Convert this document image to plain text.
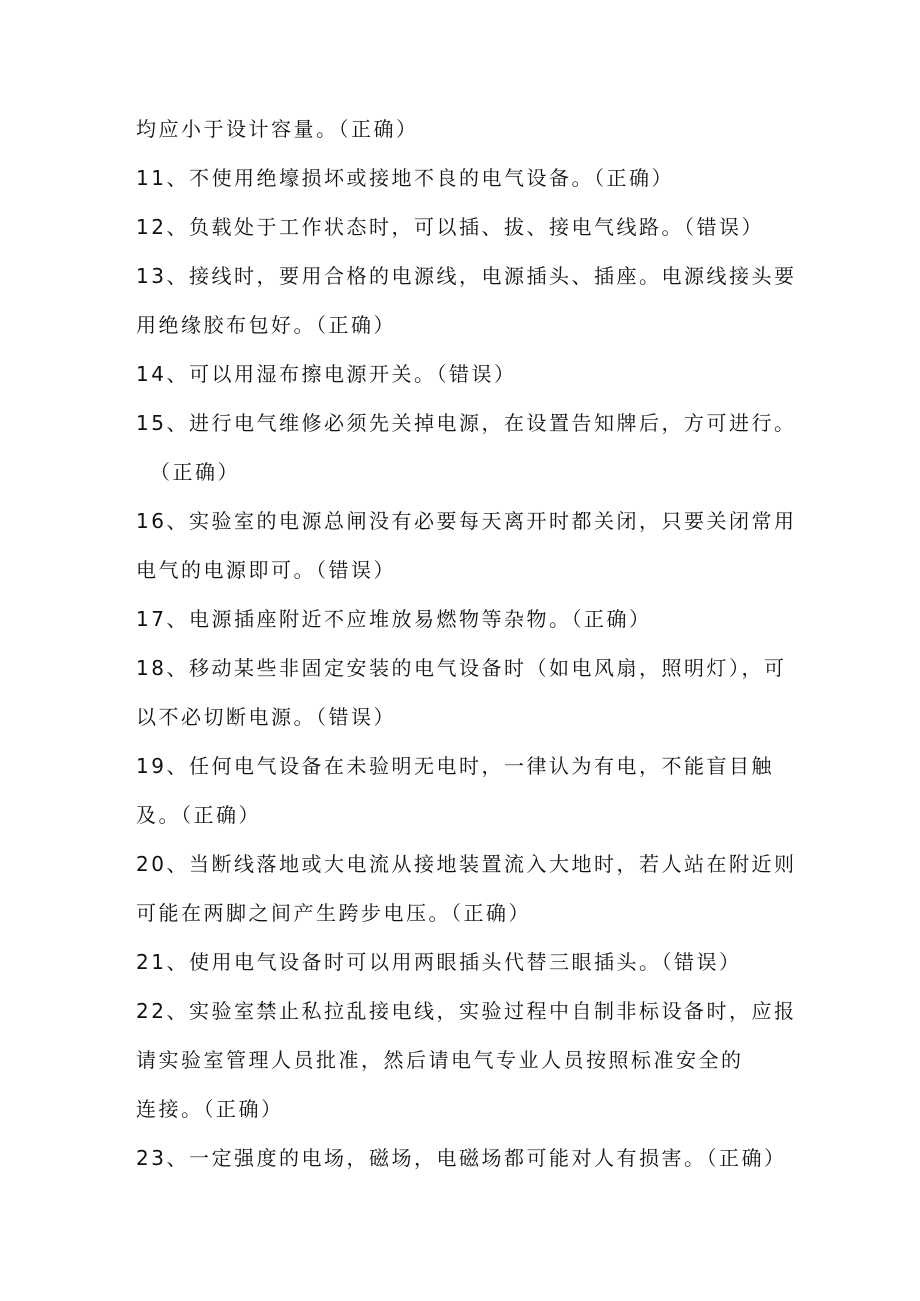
均应小于设计容量。（正确）
11、不使用绝壕损坏或接地不良的电气设备。（正确）
12、负载处于工作状态时，可以插、拔、接电气线路。（错误）
13、接线时，要用合格的电源线，电源插头、插座。电源线接头要
用绝缘胶布包好。（正确）
14、可以用湿布擦电源开关。（错误）
15、进行电气维修必须先关掉电源，在设置告知牌后，方可进行。
（正确）
16、实验室的电源总闸没有必要每天离开时都关闭，只要关闭常用
电气的电源即可。（错误）
17、电源插座附近不应堆放易燃物等杂物。（正确）
18、移动某些非固定安装的电气设备时（如电风扇，照明灯），可
以不必切断电源。（错误）
19、任何电气设备在未验明无电时，一律认为有电，不能盲目触
及。（正确）
20、当断线落地或大电流从接地装置流入大地时，若人站在附近则
可能在两脚之间产生跨步电压。（正确）
21、使用电气设备时可以用两眼插头代替三眼插头。（错误）
22、实验室禁止私拉乱接电线，实验过程中自制非标设备时，应报
请实验室管理人员批准，然后请电气专业人员按照标准安全的
连接。（正确）
23、一定强度的电场，磁场，电磁场都可能对人有损害。（正确）
